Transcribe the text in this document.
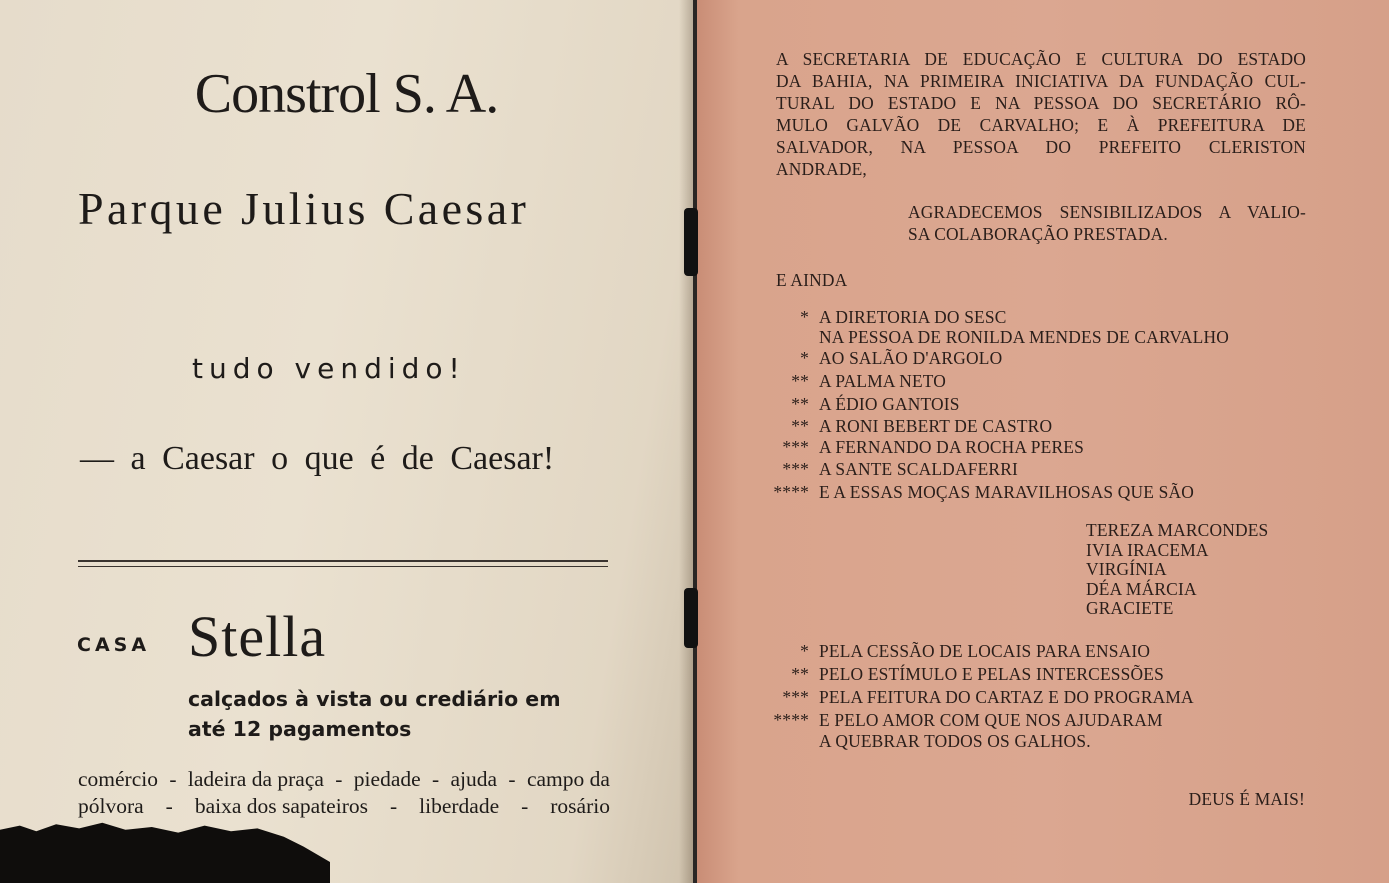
Constrol S. A.
Parque Julius Caesar
tudo vendido!
— a Caesar o que é de Caesar!
CASA Stella
calçados à vista ou crediário em
até 12 pagamentos
comércio - ladeira da praça - piedade - ajuda - campo da
pólvora - baixa dos sapateiros - liberdade - rosário
A SECRETARIA DE EDUCAÇÃO E CULTURA DO ESTADO
DA BAHIA, NA PRIMEIRA INICIATIVA DA FUNDAÇÃO CUL-
TURAL DO ESTADO E NA PESSOA DO SECRETÁRIO RÔ-
MULO GALVÃO DE CARVALHO; E À PREFEITURA DE
SALVADOR, NA PESSOA DO PREFEITO CLERISTON
ANDRADE,
AGRADECEMOS SENSIBILIZADOS A VALIO-
SA COLABORAÇÃO PRESTADA.
E AINDA
* A DIRETORIA DO SESC
NA PESSOA DE RONILDA MENDES DE CARVALHO
* AO SALÃO D'ARGOLO
** A PALMA NETO
** A ÉDIO GANTOIS
** A RONI BEBERT DE CASTRO
*** A FERNANDO DA ROCHA PERES
*** A SANTE SCALDAFERRI
**** E A ESSAS MOÇAS MARAVILHOSAS QUE SÃO
TEREZA MARCONDES
IVIA IRACEMA
VIRGÍNIA
DÉA MÁRCIA
GRACIETE
* PELA CESSÃO DE LOCAIS PARA ENSAIO
** PELO ESTÍMULO E PELAS INTERCESSÕES
*** PELA FEITURA DO CARTAZ E DO PROGRAMA
**** E PELO AMOR COM QUE NOS AJUDARAM
A QUEBRAR TODOS OS GALHOS.
DEUS É MAIS!
